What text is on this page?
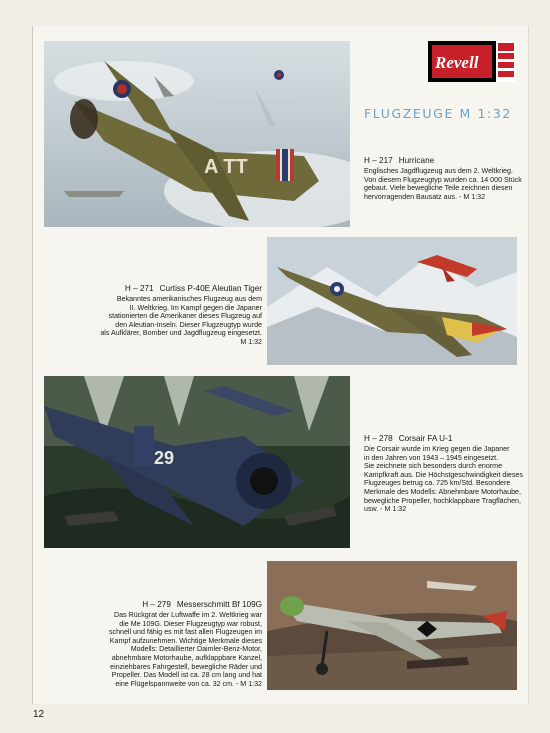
A TT
Revell
FLUGZEUGE M 1:32
H – 217 Hurricane
Englisches Jagdflugzeug aus dem 2. Weltkrieg.
Von diesem Flugzeugtyp wurden ca. 14 000 Stück
gebaut. Viele bewegliche Teile zeichnen diesen
hervorragenden Bausatz aus. - M 1:32
H – 271 Curtiss P-40E Aleutian Tiger
Bekanntes amerikanisches Flugzeug aus dem
II. Weltkrieg. Im Kampf gegen die Japaner
stationierten die Amerikaner dieses Flugzeug auf
den Aleutian-Inseln. Dieser Flugzeugtyp wurde
als Aufklärer, Bomber und Jagdflugzeug eingesetzt.
M 1:32
29
H – 278 Corsair FA U-1
Die Corsair wurde im Krieg gegen die Japaner
in den Jahren von 1943 – 1945 eingesetzt.
Sie zeichnete sich besonders durch enorme
Kampfkraft aus. Die Höchstgeschwindigkeit dieses
Flugzeuges betrug ca. 725 km/Std. Besondere
Merkmale des Modells: Abnehmbare Motorhaube,
bewegliche Propeller, hochklappbare Tragflächen,
usw. - M 1:32
H – 279 Messerschmitt Bf 109G
Das Rückgrat der Luftwaffe im 2. Weltkrieg war
die Me 109G. Dieser Flugzeugtyp war robust,
schnell und fähig es mit fast allen Flugzeugen im
Kampf aufzunehmen. Wichtige Merkmale dieses
Modells: Detaillierter Daimler-Benz-Motor,
abnehmbare Motorhaube, aufklappbare Kanzel,
einziehbares Fahrgestell, bewegliche Räder und
Propeller. Das Modell ist ca. 28 cm lang und hat
eine Flügelspannweite von ca. 32 cm. - M 1:32
12
